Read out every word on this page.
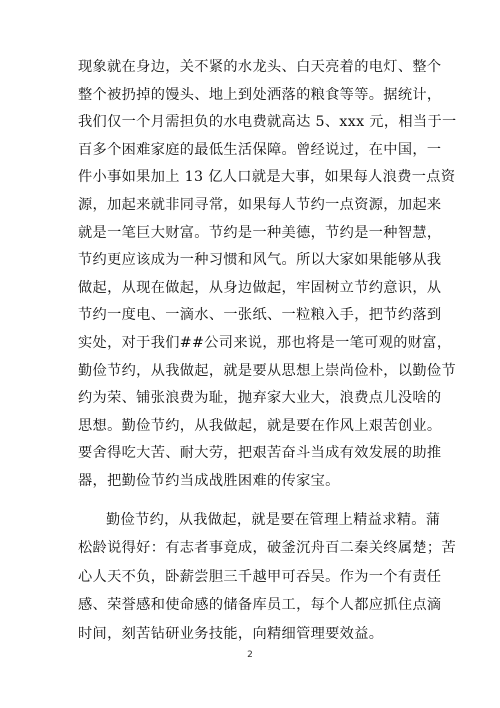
现象就在身边，关不紧的水龙头、白天亮着的电灯、整个
整个被扔掉的馒头、地上到处洒落的粮食等等。据统计，
我们仅一个月需担负的水电费就高达 5、xxx 元，相当于一
百多个困难家庭的最低生活保障。曾经说过，在中国，一
件小事如果加上 13 亿人口就是大事，如果每人浪费一点资
源，加起来就非同寻常，如果每人节约一点资源，加起来
就是一笔巨大财富。节约是一种美德，节约是一种智慧，
节约更应该成为一种习惯和风气。所以大家如果能够从我
做起，从现在做起，从身边做起，牢固树立节约意识，从
节约一度电、一滴水、一张纸、一粒粮入手，把节约落到
实处，对于我们##公司来说，那也将是一笔可观的财富，
勤俭节约，从我做起，就是要从思想上崇尚俭朴，以勤俭节
约为荣、铺张浪费为耻，抛弃家大业大，浪费点儿没啥的
思想。勤俭节约，从我做起，就是要在作风上艰苦创业。
要舍得吃大苦、耐大劳，把艰苦奋斗当成有效发展的助推
器，把勤俭节约当成战胜困难的传家宝。
勤俭节约，从我做起，就是要在管理上精益求精。蒲
松龄说得好：有志者事竟成，破釜沉舟百二秦关终属楚；苦
心人天不负，卧薪尝胆三千越甲可吞吴。作为一个有责任
感、荣誉感和使命感的储备库员工，每个人都应抓住点滴
时间，刻苦钻研业务技能，向精细管理要效益。
2
